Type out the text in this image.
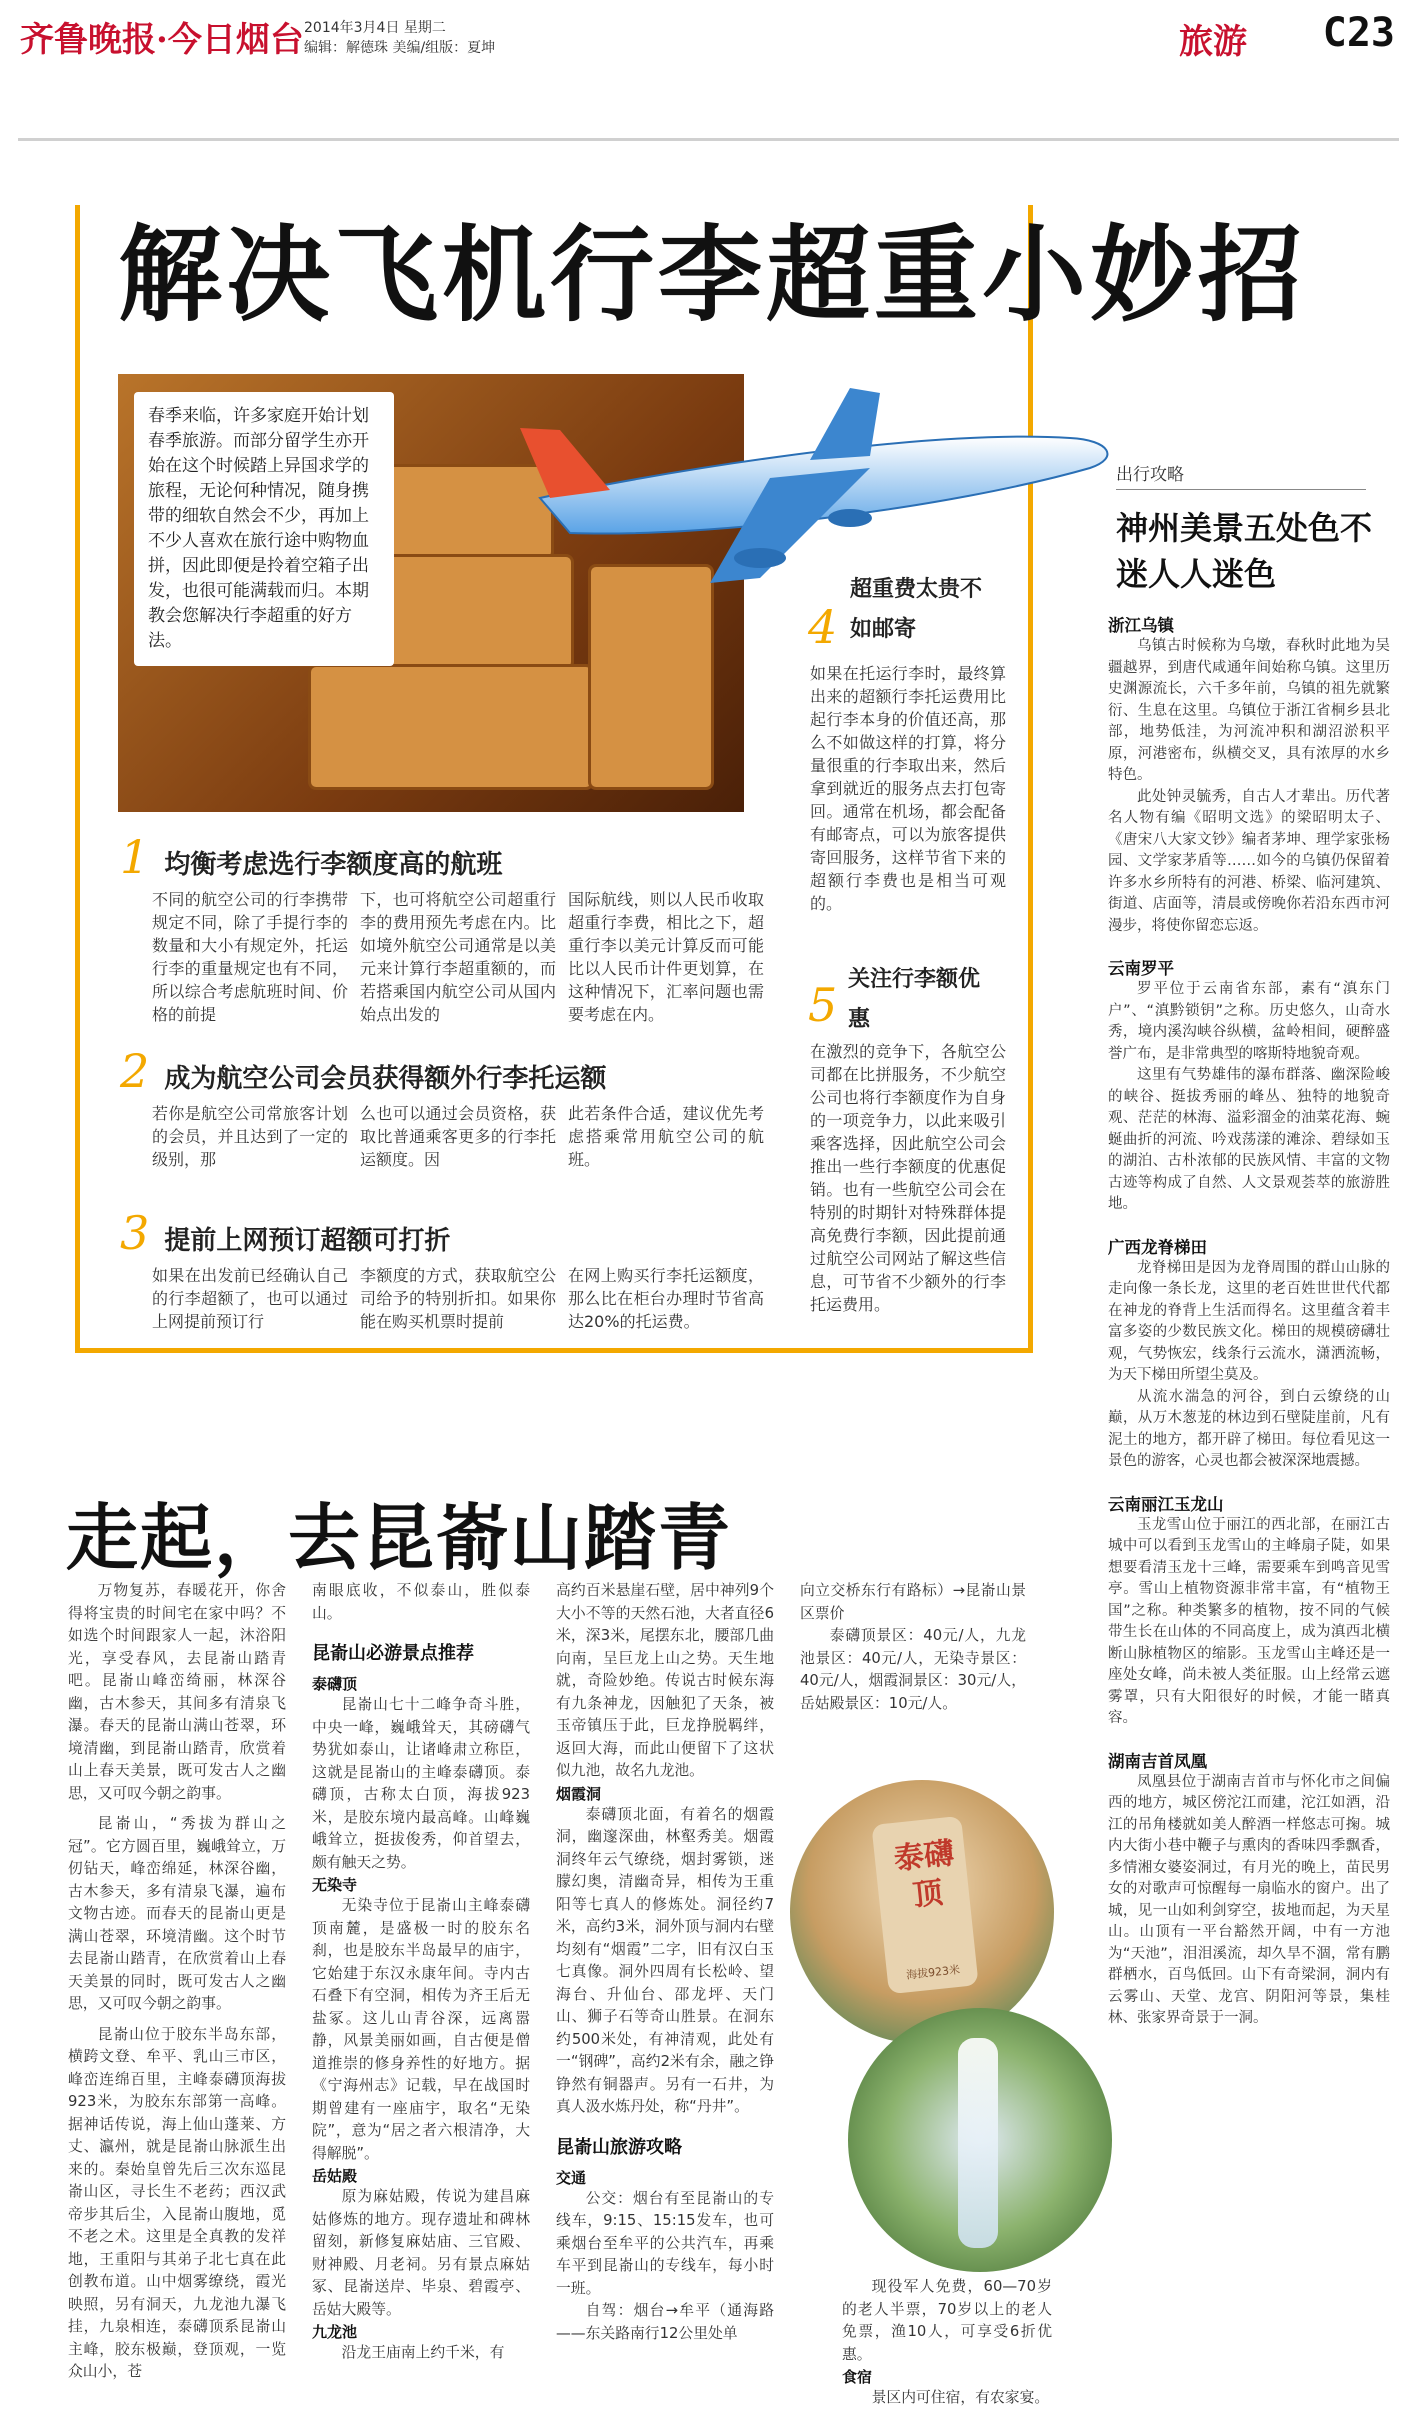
齐鲁晚报·今日烟台 2014年3月4日 星期二
编辑：解德珠 美编/组版：夏坤	旅游 C23
解决飞机行李超重小妙招
春季来临，许多家庭开始计划春季旅游。而部分留学生亦开始在这个时候踏上异国求学的旅程，无论何种情况，随身携带的细软自然会不少，再加上不少人喜欢在旅行途中购物血拼，因此即便是拎着空箱子出发，也很可能满载而归。本期教会您解决行李超重的好方法。
1 均衡考虑选行李额度高的航班
不同的航空公司的行李携带规定不同，除了手提行李的数量和大小有规定外，托运行李的重量规定也有不同，所以综合考虑航班时间、价格的前提
下，也可将航空公司超重行李的费用预先考虑在内。比如境外航空公司通常是以美元来计算行李超重额的，而若搭乘国内航空公司从国内始点出发的
国际航线，则以人民币收取超重行李费，相比之下，超重行李以美元计算反而可能比以人民币计件更划算，在这种情况下，汇率问题也需要考虑在内。
2 成为航空公司会员获得额外行李托运额
若你是航空公司常旅客计划的会员，并且达到了一定的级别，那
么也可以通过会员资格，获取比普通乘客更多的行李托运额度。因
此若条件合适，建议优先考虑搭乘常用航空公司的航班。
3 提前上网预订超额可打折
如果在出发前已经确认自己的行李超额了，也可以通过上网提前预订行
李额度的方式，获取航空公司给予的特别折扣。如果你能在购买机票时提前
在网上购买行李托运额度，那么比在柜台办理时节省高达20%的托运费。
4
超重费太贵不如邮寄
如果在托运行李时，最终算出来的超额行李托运费用比起行李本身的价值还高，那么不如做这样的打算，将分量很重的行李取出来，然后拿到就近的服务点去打包寄回。通常在机场，都会配备有邮寄点，可以为旅客提供寄回服务，这样节省下来的超额行李费也是相当可观的。
5 关注行李额优惠
在激烈的竞争下，各航空公司都在比拼服务，不少航空公司也将行李额度作为自身的一项竞争力，以此来吸引乘客选择，因此航空公司会推出一些行李额度的优惠促销。也有一些航空公司会在特别的时期针对特殊群体提高免费行李额，因此提前通过航空公司网站了解这些信息，可节省不少额外的行李托运费用。
出行攻略
神州美景五处色不迷人人迷色
浙江乌镇
乌镇古时候称为乌墩，春秋时此地为吴疆越界，到唐代咸通年间始称乌镇。这里历史渊源流长，六千多年前，乌镇的祖先就繁衍、生息在这里。乌镇位于浙江省桐乡县北部，地势低洼，为河流冲积和湖沼淤积平原，河港密布，纵横交叉，具有浓厚的水乡特色。
此处钟灵毓秀，自古人才辈出。历代著名人物有编《昭明文选》的梁昭明太子、《唐宋八大家文钞》编者茅坤、理学家张杨园、文学家茅盾等……如今的乌镇仍保留着许多水乡所特有的河港、桥梁、临河建筑、街道、店面等，清晨或傍晚你若沿东西市河漫步，将使你留恋忘返。
云南罗平
罗平位于云南省东部，素有“滇东门户”、“滇黔锁钥”之称。历史悠久，山奇水秀，境内溪沟峡谷纵横，盆岭相间，硬醉盛誉广布，是非常典型的喀斯特地貌奇观。
这里有气势雄伟的瀑布群落、幽深险峻的峡谷、挺拔秀丽的峰丛、独特的地貌奇观、茫茫的林海、溢彩溜金的油菜花海、蜿蜒曲折的河流、吟戏荡漾的滩涂、碧绿如玉的湖泊、古朴浓郁的民族风情、丰富的文物古迹等构成了自然、人文景观荟萃的旅游胜地。
广西龙脊梯田
龙脊梯田是因为龙脊周围的群山山脉的走向像一条长龙，这里的老百姓世世代代都在神龙的脊背上生活而得名。这里蕴含着丰富多姿的少数民族文化。梯田的规模磅礴壮观，气势恢宏，线条行云流水，潇洒流畅，为天下梯田所望尘莫及。
从流水湍急的河谷，到白云缭绕的山巅，从万木葱茏的林边到石壁陡崖前，凡有泥土的地方，都开辟了梯田。每位看见这一景色的游客，心灵也都会被深深地震撼。
云南丽江玉龙山
玉龙雪山位于丽江的西北部，在丽江古城中可以看到玉龙雪山的主峰扇子陡，如果想要看清玉龙十三峰，需要乘车到鸣音见雪亭。雪山上植物资源非常丰富，有“植物王国”之称。种类繁多的植物，按不同的气候带生长在山体的不同高度上，成为滇西北横断山脉植物区的缩影。玉龙雪山主峰还是一座处女峰，尚未被人类征服。山上经常云遮雾罩，只有大阳很好的时候，才能一睹真容。
湖南吉首凤凰
凤凰县位于湖南吉首市与怀化市之间偏西的地方，城区傍沱江而建，沱江如酒，沿江的吊角楼就如美人醉酒一样悠志可掬。城内大街小巷中鞭子与熏肉的香味四季飘香，多情湘女婆姿洞过，有月光的晚上，苗民男女的对歌声可惊醒每一扇临水的窗户。出了城，见一山如利剑穿空，拔地而起，为天星山。山顶有一平台豁然开阔，中有一方池为“天池”，泪泪溪流，却久旱不涸，常有鹏群栖水，百鸟低回。山下有奇梁洞，洞内有云雾山、天堂、龙宫、阴阳河等景，集桂林、张家界奇景于一洞。
走起，去昆嵛山踏青
万物复苏，春暖花开，你舍得将宝贵的时间宅在家中吗？不如选个时间跟家人一起，沐浴阳光，享受春风，去昆嵛山踏青吧。昆嵛山峰峦绮丽，林深谷幽，古木参天，其间多有清泉飞瀑。春天的昆嵛山满山苍翠，环境清幽，到昆嵛山踏青，欣赏着山上春天美景，既可发古人之幽思，又可叹今朝之韵事。
昆嵛山，“秀拔为群山之冠”。它方圆百里，巍峨耸立，万仞钻天，峰峦绵延，林深谷幽，古木参天，多有清泉飞瀑，遍布文物古迹。而春天的昆嵛山更是满山苍翠，环境清幽。这个时节去昆嵛山踏青，在欣赏着山上春天美景的同时，既可发古人之幽思，又可叹今朝之韵事。
昆嵛山位于胶东半岛东部，横跨文登、牟平、乳山三市区，峰峦连绵百里，主峰泰礴顶海拔923米，为胶东东部第一高峰。据神话传说，海上仙山蓬莱、方丈、瀛州，就是昆嵛山脉派生出来的。秦始皇曾先后三次东巡昆嵛山区，寻长生不老药；西汉武帝步其后尘，入昆嵛山腹地，觅不老之术。这里是全真教的发祥地，王重阳与其弟子北七真在此创教布道。山中烟雾缭绕，霞光映照，另有洞天，九龙池九瀑飞挂，九泉相连，泰礴顶系昆嵛山主峰，胶东极巅，登顶观，一览众山小，苍
南眼底收，不似泰山，胜似泰山。
昆嵛山必游景点推荐
泰礴顶
昆嵛山七十二峰争奇斗胜，中央一峰，巍峨耸天，其磅礴气势犹如泰山，让诸峰肃立称臣，这就是昆嵛山的主峰泰礴顶。泰礴顶，古称太白顶，海拔923米，是胶东境内最高峰。山峰巍峨耸立，挺拔俊秀，仰首望去，颇有触天之势。
无染寺
无染寺位于昆嵛山主峰泰礴顶南麓，是盛极一时的胶东名刹，也是胶东半岛最早的庙宇，它始建于东汉永康年间。寺内古石叠下有空洞，相传为齐王后无盐冢。这儿山青谷深，远离嚣静，风景美丽如画，自古便是僧道推崇的修身养性的好地方。据《宁海州志》记载，早在战国时期曾建有一座庙宇，取名“无染院”，意为“居之者六根清净，大得解脱”。
岳姑殿
原为麻姑殿，传说为建昌麻姑修炼的地方。现存遗址和碑林留刻，新修复麻姑庙、三官殿、财神殿、月老祠。另有景点麻姑冢、昆嵛送岸、毕泉、碧霞亭、岳姑大殿等。
九龙池
沿龙王庙南上约千米，有
高约百米悬崖石壁，居中神列9个大小不等的天然石池，大者直径6米，深3米，尾摆东北，腰部几曲向南，呈巨龙上山之势。天生地就，奇险妙绝。传说古时候东海有九条神龙，因触犯了天条，被玉帝镇压于此，巨龙挣脱羁绊，返回大海，而此山便留下了这状似九池，故名九龙池。
烟霞洞
泰礴顶北面，有着名的烟霞洞，幽邃深曲，林壑秀美。烟霞洞终年云气缭绕，烟封雾锁，迷朦幻奥，清幽奇异，相传为王重阳等七真人的修炼处。洞径约7米，高约3米，洞外顶与洞内右壁均刻有“烟霞”二字，旧有汉白玉七真像。洞外四周有长松岭、望海台、升仙台、邵龙坪、天门山、狮子石等奇山胜景。在洞东约500米处，有神清观，此处有一“钢碑”，高约2米有余，融之铮铮然有铜器声。另有一石井，为真人汲水炼丹处，称“丹井”。
昆嵛山旅游攻略
交通
公交：烟台有至昆嵛山的专线车，9:15、15:15发车，也可乘烟台至牟平的公共汽车，再乘车平到昆嵛山的专线车，每小时一班。
自驾：烟台→牟平（通海路——东关路南行12公里处单
向立交桥东行有路标）→昆嵛山景区票价
泰礴顶景区：40元/人，九龙池景区：40元/人，无染寺景区：40元/人，烟霞洞景区：30元/人，岳姑殿景区：10元/人。
泰礴顶
海拔923米
现役军人免费，60—70岁的老人半票，70岁以上的老人免票，渔10人，可享受6折优惠。
食宿
景区内可住宿，有农家宴。
